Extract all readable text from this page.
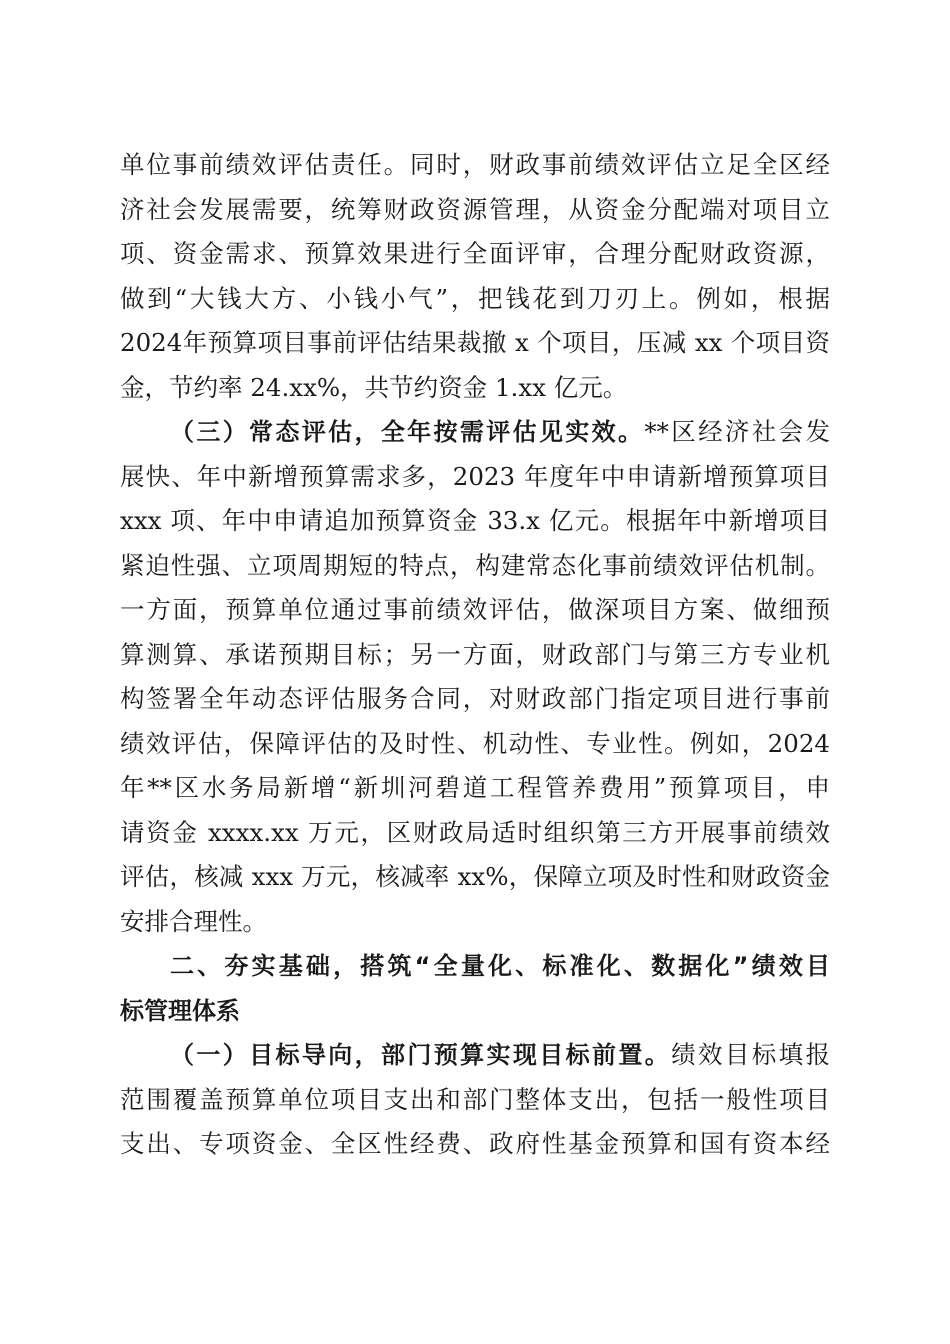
单位事前绩效评估责任。同时，财政事前绩效评估立足全区经
济社会发展需要，统筹财政资源管理，从资金分配端对项目立
项、资金需求、预算效果进行全面评审，合理分配财政资源，
做到“大钱大方、小钱小气”，把钱花到刀刃上。例如，根据
2024年预算项目事前评估结果裁撤 x 个项目，压减 xx 个项目资
金，节约率 24.xx%，共节约资金 1.xx 亿元。
（三）常态评估，全年按需评估见实效。**区经济社会发
展快、年中新增预算需求多，2023 年度年中申请新增预算项目
xxx 项、年中申请追加预算资金 33.x 亿元。根据年中新增项目
紧迫性强、立项周期短的特点，构建常态化事前绩效评估机制。
一方面，预算单位通过事前绩效评估，做深项目方案、做细预
算测算、承诺预期目标；另一方面，财政部门与第三方专业机
构签署全年动态评估服务合同，对财政部门指定项目进行事前
绩效评估，保障评估的及时性、机动性、专业性。例如，2024
年**区水务局新增“新圳河碧道工程管养费用”预算项目，申
请资金 xxxx.xx 万元，区财政局适时组织第三方开展事前绩效
评估，核减 xxx 万元，核减率 xx%，保障立项及时性和财政资金
安排合理性。
二、夯实基础，搭筑“全量化、标准化、数据化”绩效目
标管理体系
（一）目标导向，部门预算实现目标前置。绩效目标填报
范围覆盖预算单位项目支出和部门整体支出，包括一般性项目
支出、专项资金、全区性经费、政府性基金预算和国有资本经
